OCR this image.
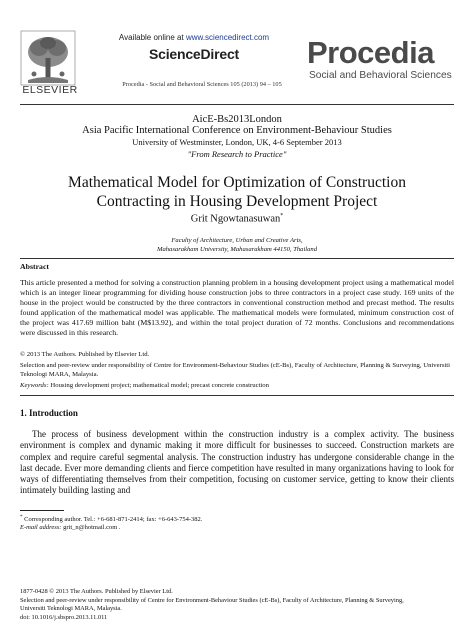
ELSEVIER
Available online at www.sciencedirect.com
ScienceDirect
Procedia - Social and Behavioral Sciences 105 (2013) 94 – 105
Procedia
Social and Behavioral Sciences
AicE-Bs2013London
Asia Pacific International Conference on Environment-Behaviour Studies
University of Westminster, London, UK, 4-6 September 2013
"From Research to Practice"
Mathematical Model for Optimization of Construction
Contracting in Housing Development Project
Grit Ngowtanasuwan*
Faculty of Architecture, Urban and Creative Arts,
Mahasarakham University, Mahasarakham 44150, Thailand
Abstract
This article presented a method for solving a construction planning problem in a housing development project using a mathematical model which is an integer linear programming for dividing house construction jobs to three contractors in a project case study. 169 units of the house in the project would be constructed by the three contractors in conventional construction method and precast method. The results found application of the mathematical model was applicable. The mathematical models were formulated, minimum construction cost of the project was 417.69 million baht (M$13.92), and within the total project duration of 72 months. Conclusions and recommendations were discussed in this research.
© 2013 The Authors. Published by Elsevier Ltd.
Selection and peer-review under responsibility of Centre for Environment-Behaviour Studies (cE-Bs), Faculty of Architecture, Planning & Surveying, Universiti Teknologi MARA, Malaysia.
Keywords: Housing development project; mathematical model; precast concrete construction
1. Introduction

The process of business development within the construction industry is a complex activity. The business environment is complex and dynamic making it more difficult for businesses to succeed. Construction markets are complex and require careful segmental analysis. The construction industry has undergone considerable change in the last decade. Ever more demanding clients and fierce competition have resulted in many organizations having to look for ways of differentiating themselves from their competition, focusing on customer service, getting to know their clients intimately building lasting and

* Corresponding author. Tel.: +6-681-871-2414; fax: +6-643-754-382.
E-mail address: grit_n@hotmail.com .
1877-0428 © 2013 The Authors. Published by Elsevier Ltd.
Selection and peer-review under responsibility of Centre for Environment-Behaviour Studies (cE-Bs), Faculty of Architecture, Planning & Surveying,
Universiti Teknologi MARA, Malaysia.
doi: 10.1016/j.sbspro.2013.11.011
